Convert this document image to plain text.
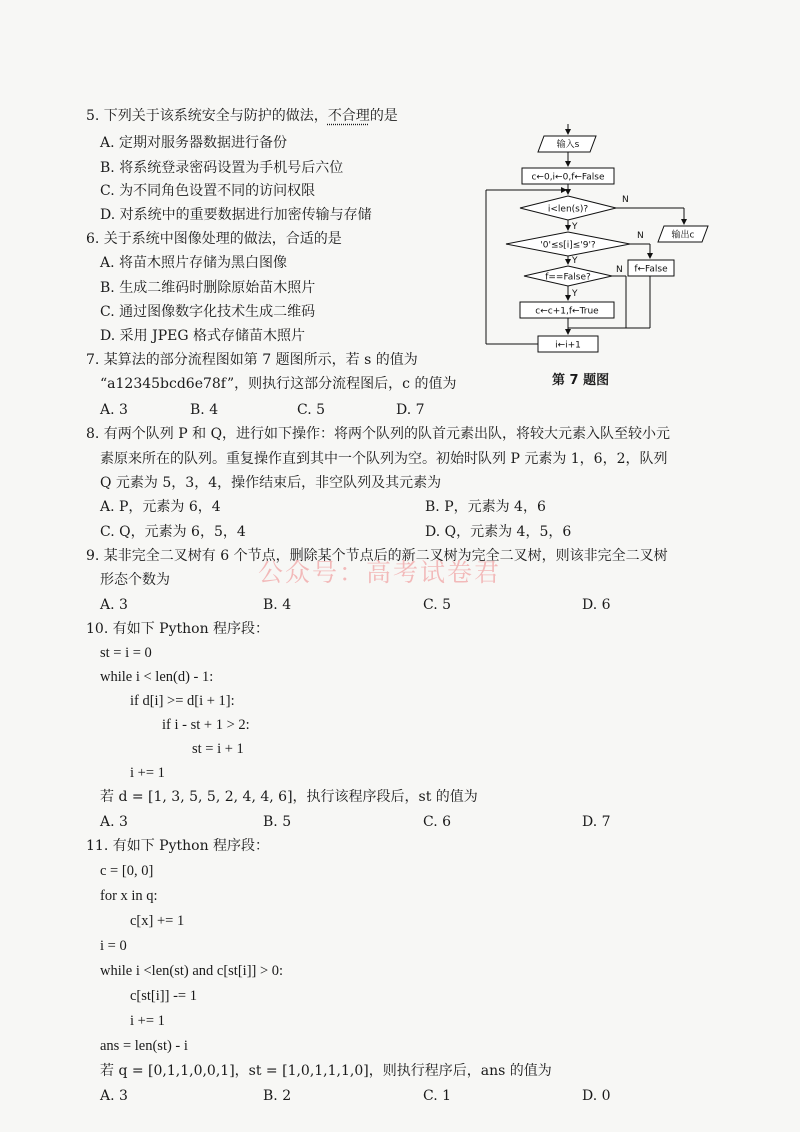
5. 下列关于该系统安全与防护的做法，不合理的是
A. 定期对服务器数据进行备份
B. 将系统登录密码设置为手机号后六位
C. 为不同角色设置不同的访问权限
D. 对系统中的重要数据进行加密传输与存储
6. 关于系统中图像处理的做法，合适的是
A. 将苗木照片存储为黑白图像
B. 生成二维码时删除原始苗木照片
C. 通过图像数字化技术生成二维码
D. 采用 JPEG 格式存储苗木照片
7. 某算法的部分流程图如第 7 题图所示，若 s 的值为
“a12345bcd6e78f”，则执行这部分流程图后，c 的值为
A. 3	B. 4	C. 5	D. 7
输入s
c←0,i←0,f←False
i<len(s)?
N
输出c
Y
'0'≤s[i]≤'9'?
N
f←False
Y
f==False?
N
Y
c←c+1,f←True
i←i+1
第 7 题图
8. 有两个队列 P 和 Q，进行如下操作：将两个队列的队首元素出队，将较大元素入队至较小元
素原来所在的队列。重复操作直到其中一个队列为空。初始时队列 P 元素为 1，6，2，队列
Q 元素为 5，3，4，操作结束后，非空队列及其元素为
A. P，元素为 6，4	B. P，元素为 4，6
C. Q，元素为 6，5，4	D. Q，元素为 4，5，6
9. 某非完全二叉树有 6 个节点，删除某个节点后的新二叉树为完全二叉树，则该非完全二叉树
形态个数为
A. 3	B. 4	C. 5	D. 6
公众号：高考试卷君
10. 有如下 Python 程序段：
st = i = 0
while i < len(d) - 1:
if d[i] >= d[i + 1]:
if i - st + 1 > 2:
st = i + 1
i += 1
若 d = [1, 3, 5, 5, 2, 4, 4, 6]，执行该程序段后，st 的值为
A. 3	B. 5	C. 6	D. 7
11. 有如下 Python 程序段：
c = [0, 0]
for x in q:
c[x] += 1
i = 0
while i <len(st) and c[st[i]] > 0:
c[st[i]] -= 1
i += 1
ans = len(st) - i
若 q = [0,1,1,0,0,1]，st = [1,0,1,1,1,0]，则执行程序后，ans 的值为
A. 3	B. 2	C. 1	D. 0
